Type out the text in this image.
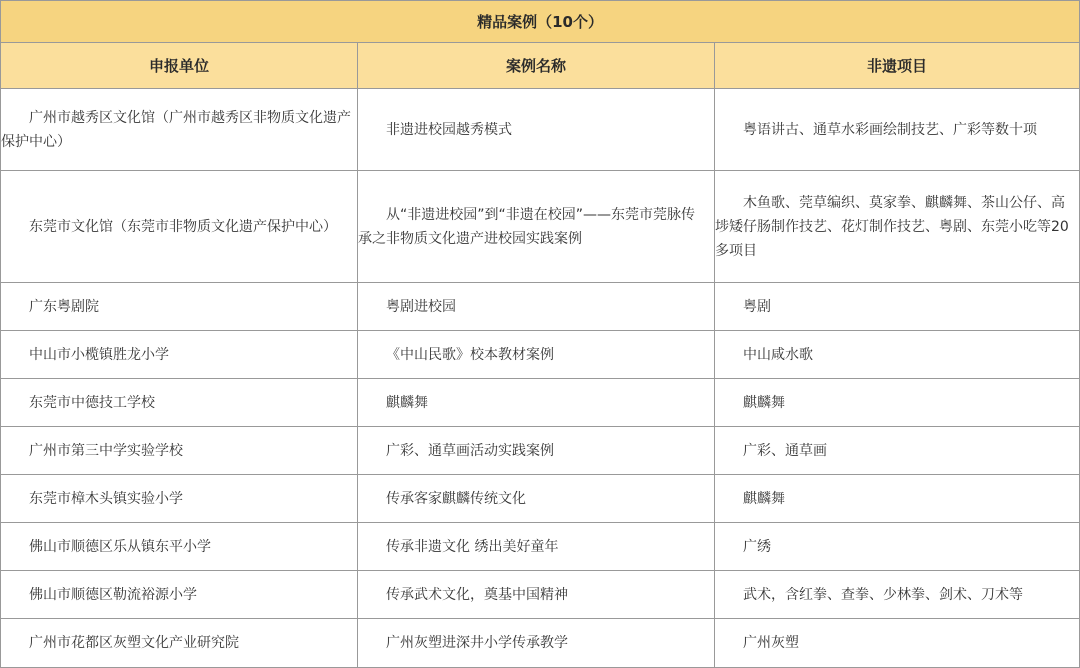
精品案例（10个）		
申报单位	案例名称	非遗项目
广州市越秀区文化馆（广州市越秀区非物质文化遗产保护中心）	非遗进校园越秀模式	粤语讲古、通草水彩画绘制技艺、广彩等数十项
东莞市文化馆（东莞市非物质文化遗产保护中心）	从“非遗进校园”到“非遗在校园”——东莞市莞脉传承之非物质文化遗产进校园实践案例	木鱼歌、莞草编织、莫家拳、麒麟舞、茶山公仔、高埗矮仔肠制作技艺、花灯制作技艺、粤剧、东莞小吃等20多项目
广东粤剧院	粤剧进校园	粤剧
中山市小榄镇胜龙小学	《中山民歌》校本教材案例	中山咸水歌
东莞市中德技工学校	麒麟舞	麒麟舞
广州市第三中学实验学校	广彩、通草画活动实践案例	广彩、通草画
东莞市樟木头镇实验小学	传承客家麒麟传统文化	麒麟舞
佛山市顺德区乐从镇东平小学	传承非遗文化 绣出美好童年	广绣
佛山市顺德区勒流裕源小学	传承武术文化，奠基中国精神	武术，含红拳、查拳、少林拳、剑术、刀术等
广州市花都区灰塑文化产业研究院	广州灰塑进深井小学传承教学	广州灰塑
